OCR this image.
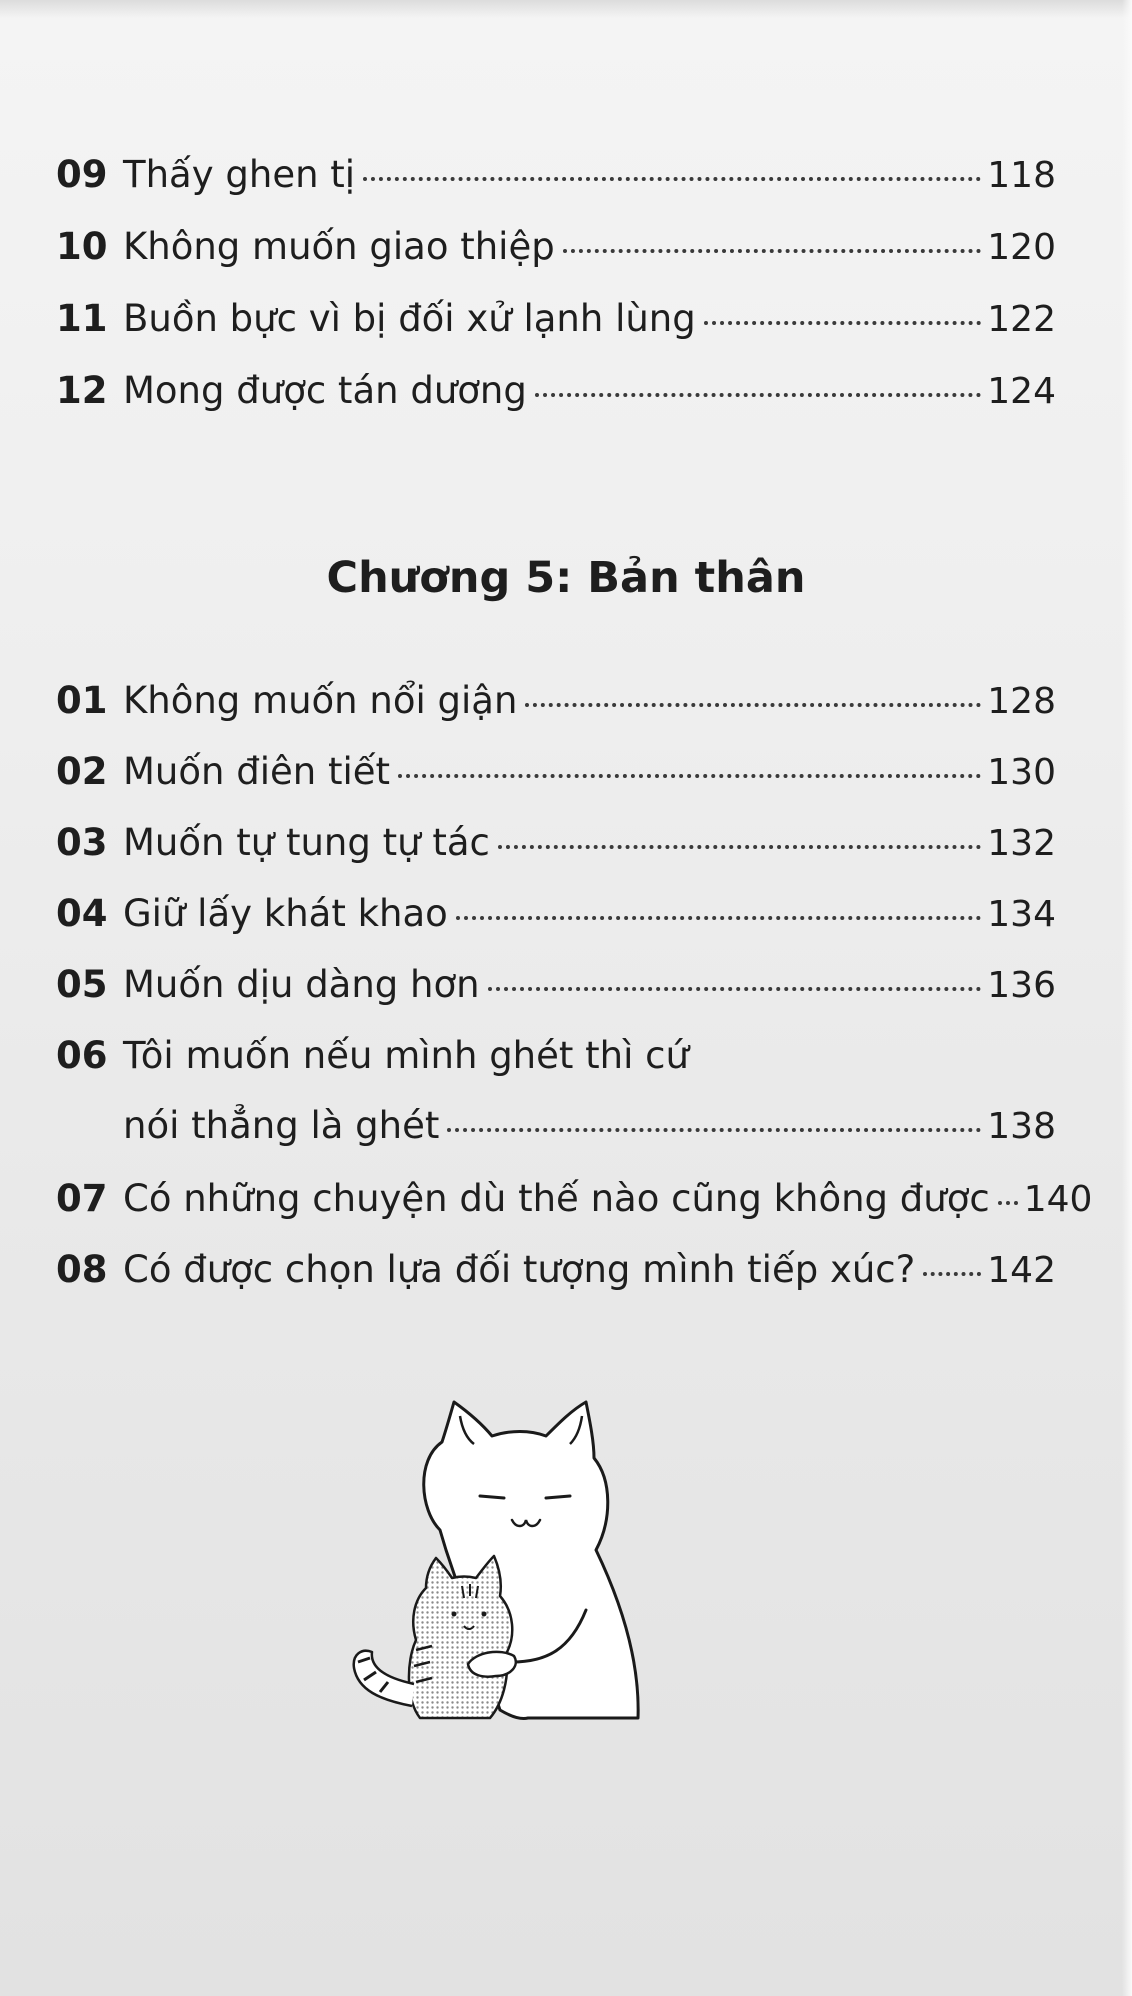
09 Thấy ghen tị	118
10 Không muốn giao thiệp	120
11 Buồn bực vì bị đối xử lạnh lùng	122
12 Mong được tán dương	124
Chương 5: Bản thân
01 Không muốn nổi giận	128
02 Muốn điên tiết	130
03 Muốn tự tung tự tác	132
04 Giữ lấy khát khao	134
05 Muốn dịu dàng hơn	136
06 Tôi muốn nếu mình ghét thì cứ
nói thẳng là ghét	138
07 Có những chuyện dù thế nào cũng không được 140
08 Có được chọn lựa đối tượng mình tiếp xúc? 142
